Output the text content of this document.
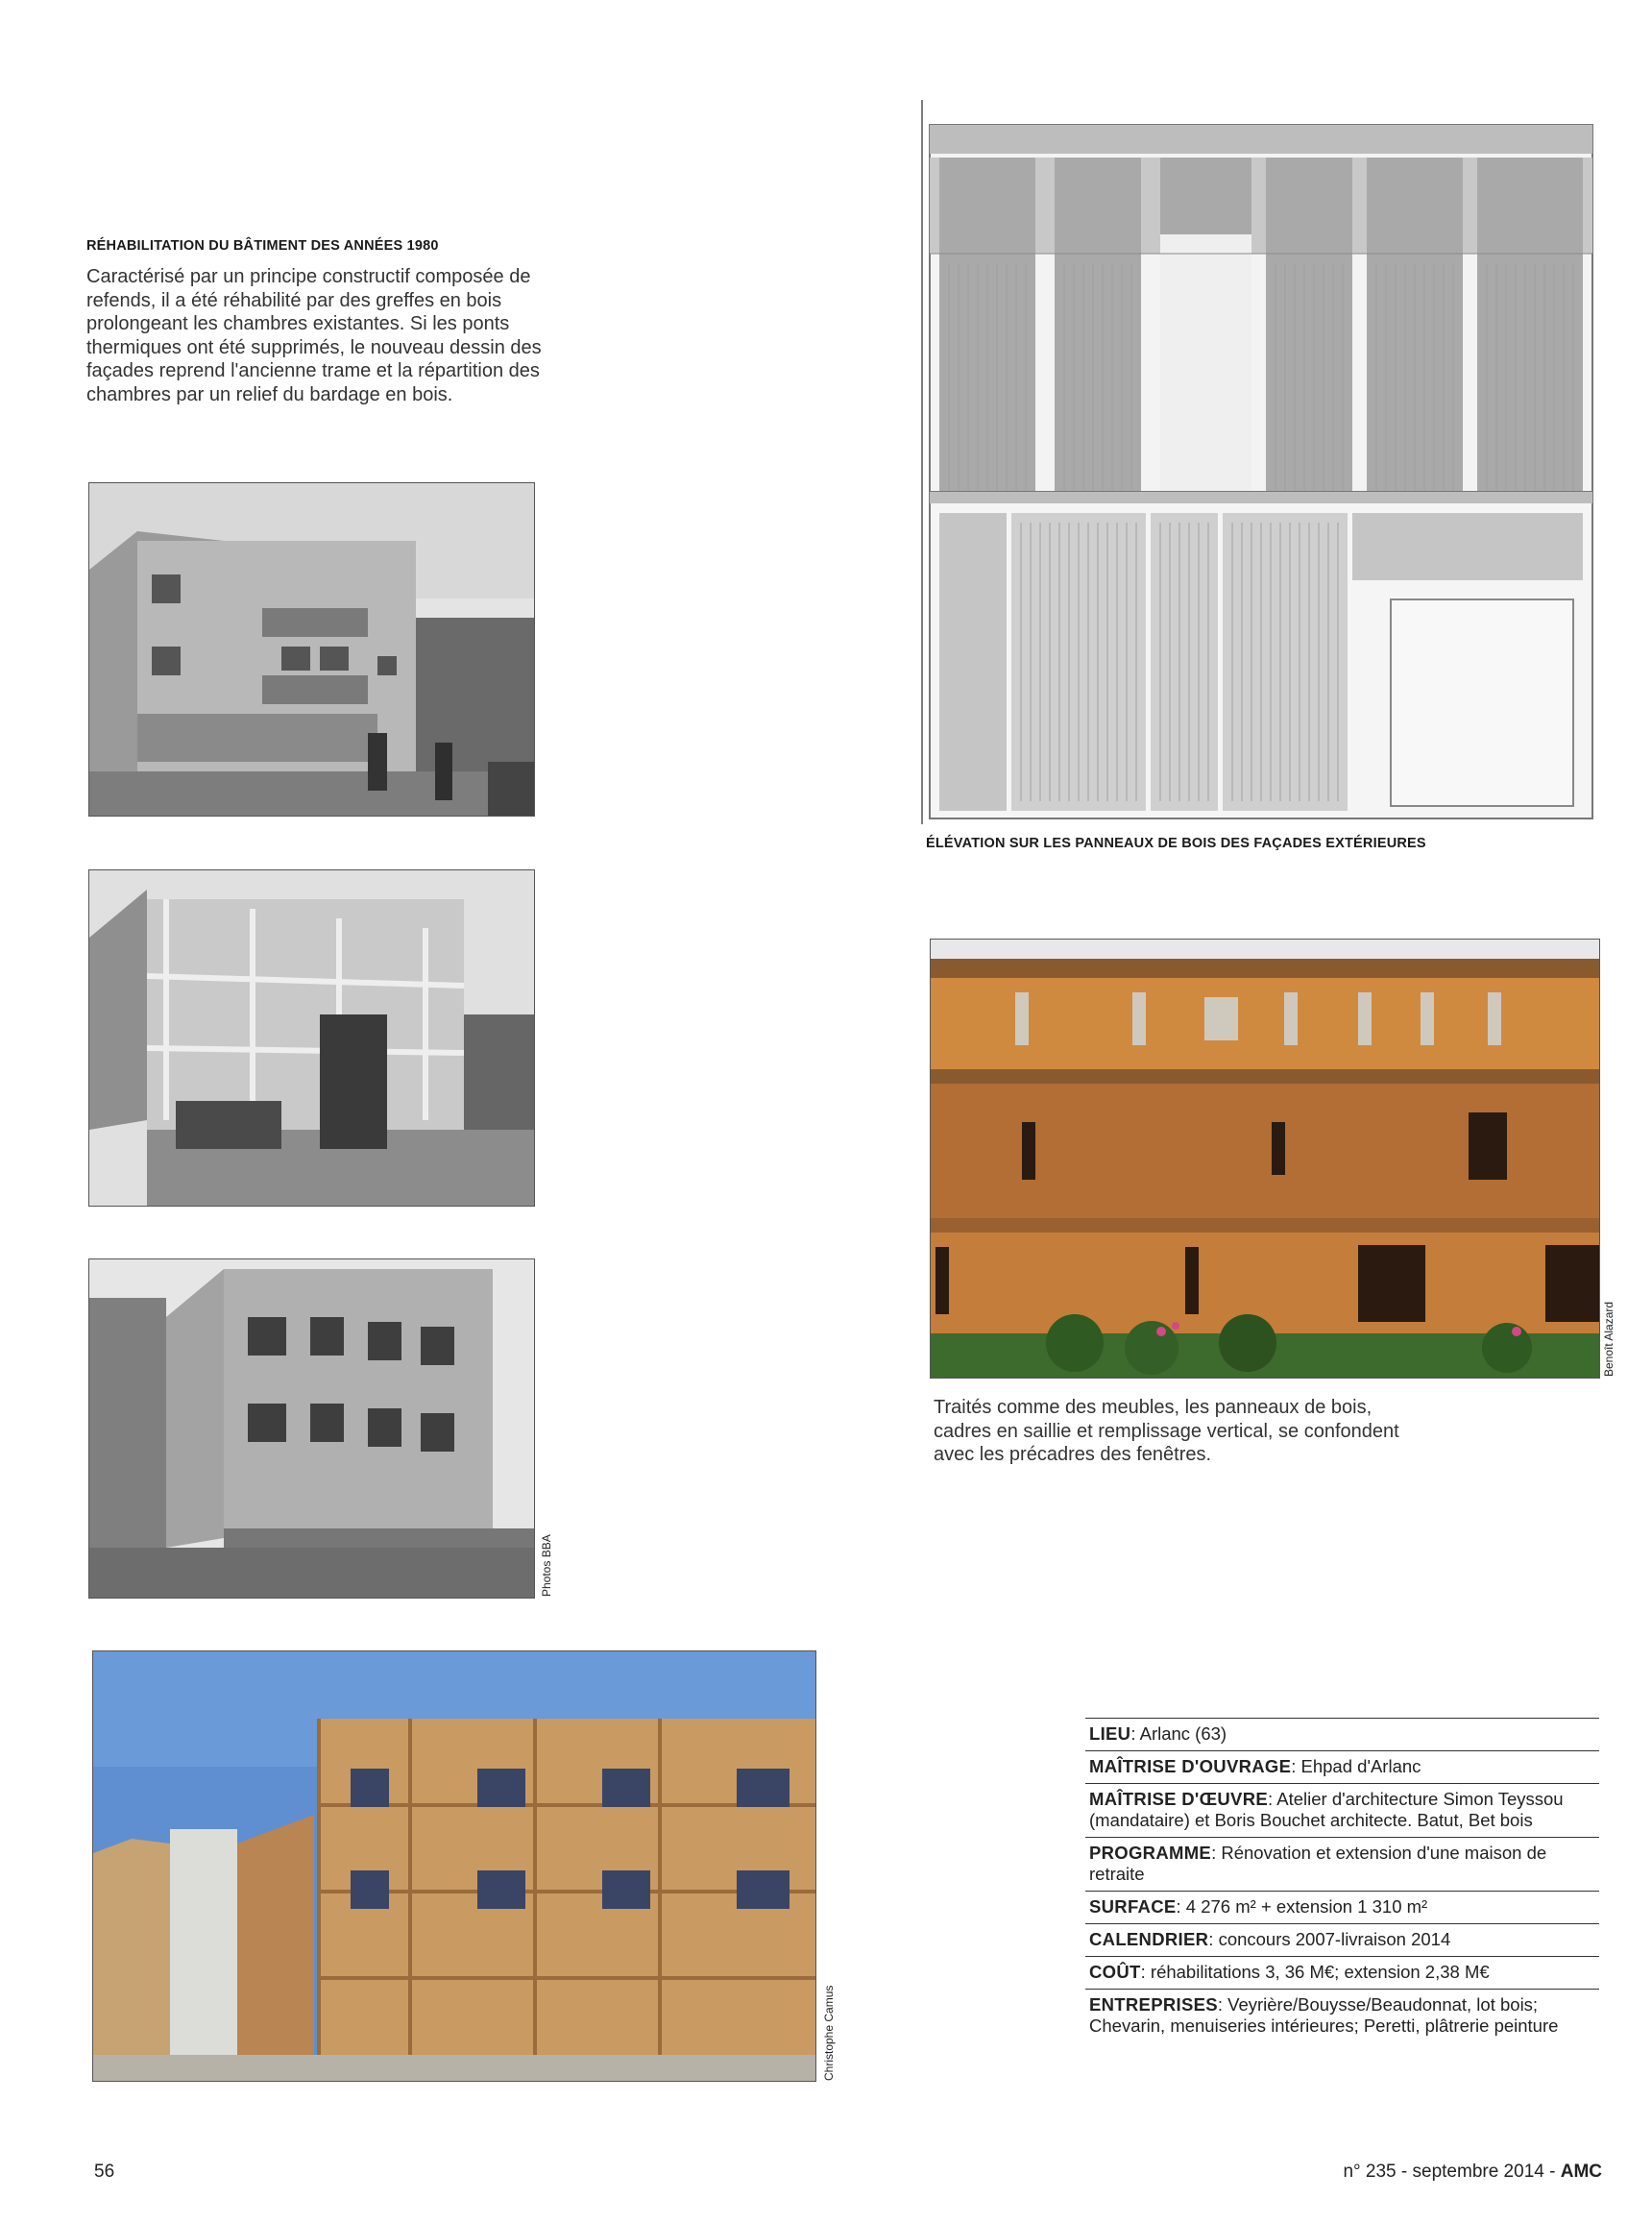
RÉHABILITATION DU BÂTIMENT DES ANNÉES 1980
Caractérisé par un principe constructif composée de refends, il a été réhabilité par des greffes en bois prolongeant les chambres existantes. Si les ponts thermiques ont été supprimés, le nouveau dessin des façades reprend l'ancienne trame et la répartition des chambres par un relief du bardage en bois.
Photos BBA
Christophe Camus
ÉLÉVATION SUR LES PANNEAUX DE BOIS DES FAÇADES EXTÉRIEURES
Benoît Alazard
Traités comme des meubles, les panneaux de bois, cadres en saillie et remplissage vertical, se confondent avec les précadres des fenêtres.
LIEU: Arlanc (63)
MAÎTRISE D'OUVRAGE: Ehpad d'Arlanc
MAÎTRISE D'ŒUVRE: Atelier d'architecture Simon Teyssou (mandataire) et Boris Bouchet architecte. Batut, Bet bois
PROGRAMME: Rénovation et extension d'une maison de retraite
SURFACE: 4 276 m² + extension 1 310 m²
CALENDRIER: concours 2007-livraison 2014
COÛT: réhabilitations 3, 36 M€; extension 2,38 M€
ENTREPRISES: Veyrière/Bouysse/Beaudonnat, lot bois; Chevarin, menuiseries intérieures; Peretti, plâtrerie peinture
56	n° 235 - septembre 2014 - AMC
